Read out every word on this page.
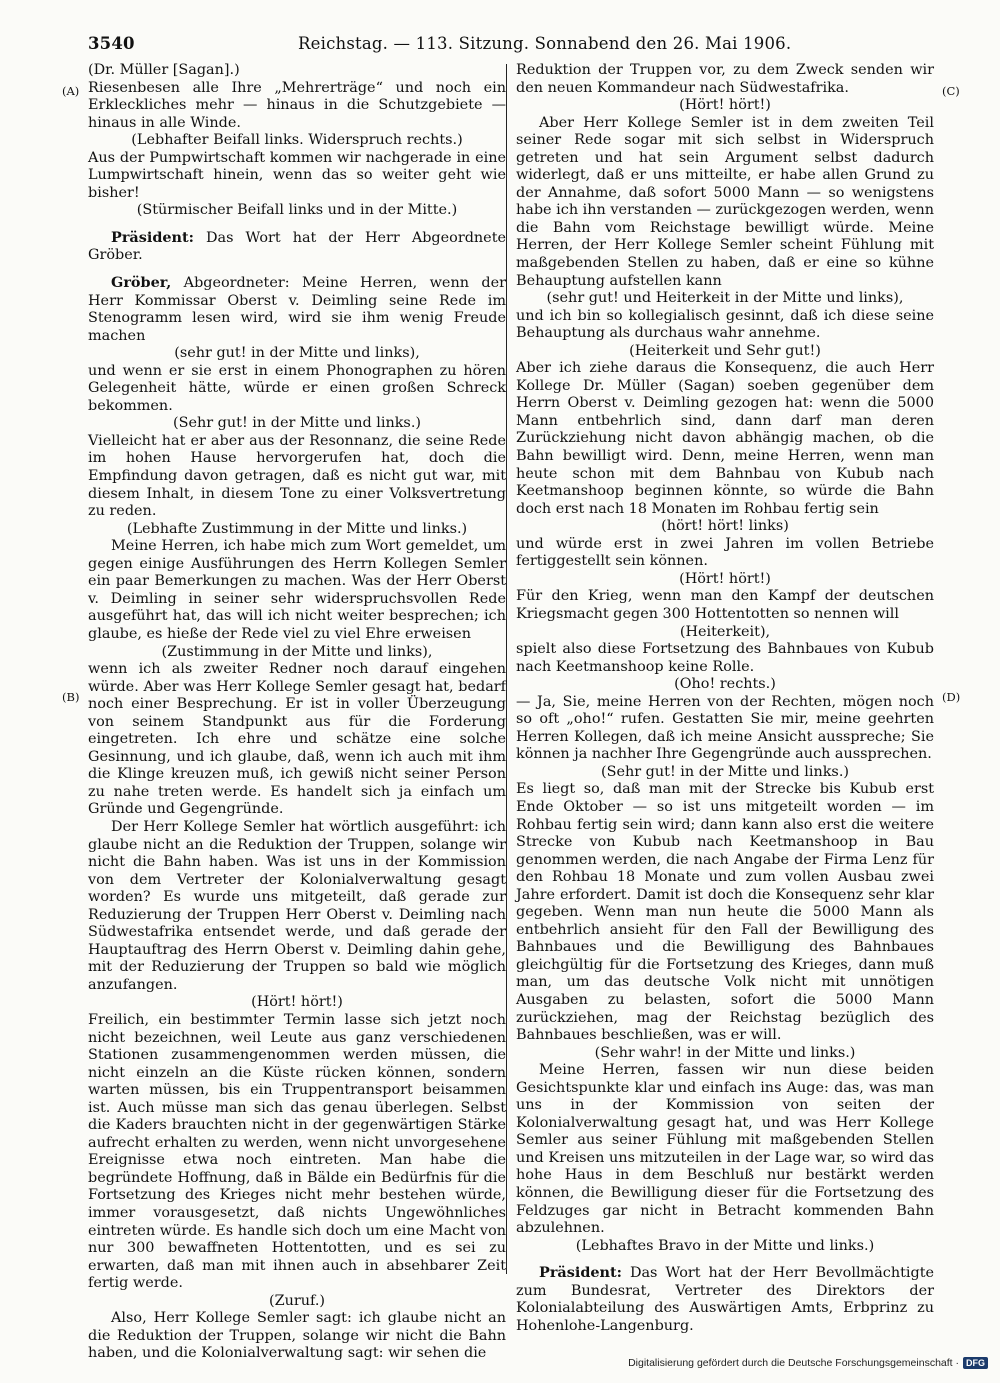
3540	Reichstag. — 113. Sitzung. Sonnabend den 26. Mai 1906.
(A)
(B)
(C)
(D)

(Dr. Müller [Sagan].)

Riesenbesen alle Ihre „Mehrerträge“ und noch ein Erkleckliches mehr — hinaus in die Schutzgebiete — hinaus in alle Winde.

(Lebhafter Beifall links. Widerspruch rechts.)

Aus der Pumpwirtschaft kommen wir nachgerade in eine Lumpwirtschaft hinein, wenn das so weiter geht wie bisher!

(Stürmischer Beifall links und in der Mitte.)

Präsident: Das Wort hat der Herr Abgeordnete Gröber.

Gröber, Abgeordneter: Meine Herren, wenn der Herr Kommissar Oberst v. Deimling seine Rede im Stenogramm lesen wird, wird sie ihm wenig Freude machen

(sehr gut! in der Mitte und links),

und wenn er sie erst in einem Phonographen zu hören Gelegenheit hätte, würde er einen großen Schreck bekommen.

(Sehr gut! in der Mitte und links.)

Vielleicht hat er aber aus der Resonnanz, die seine Rede im hohen Hause hervorgerufen hat, doch die Empfindung davon getragen, daß es nicht gut war, mit diesem Inhalt, in diesem Tone zu einer Volksvertretung zu reden.

(Lebhafte Zustimmung in der Mitte und links.)

Meine Herren, ich habe mich zum Wort gemeldet, um gegen einige Ausführungen des Herrn Kollegen Semler ein paar Bemerkungen zu machen. Was der Herr Oberst v. Deimling in seiner sehr widerspruchsvollen Rede ausgeführt hat, das will ich nicht weiter besprechen; ich glaube, es hieße der Rede viel zu viel Ehre erweisen

(Zustimmung in der Mitte und links),

wenn ich als zweiter Redner noch darauf eingehen würde. Aber was Herr Kollege Semler gesagt hat, bedarf noch einer Besprechung. Er ist in voller Überzeugung von seinem Standpunkt aus für die Forderung eingetreten. Ich ehre und schätze eine solche Gesinnung, und ich glaube, daß, wenn ich auch mit ihm die Klinge kreuzen muß, ich gewiß nicht seiner Person zu nahe treten werde. Es handelt sich ja einfach um Gründe und Gegengründe.

Der Herr Kollege Semler hat wörtlich ausgeführt: ich glaube nicht an die Reduktion der Truppen, solange wir nicht die Bahn haben. Was ist uns in der Kommission von dem Vertreter der Kolonialverwaltung gesagt worden? Es wurde uns mitgeteilt, daß gerade zur Reduzierung der Truppen Herr Oberst v. Deimling nach Südwestafrika entsendet werde, und daß gerade der Hauptauftrag des Herrn Oberst v. Deimling dahin gehe, mit der Reduzierung der Truppen so bald wie möglich anzufangen.

(Hört! hört!)

Freilich, ein bestimmter Termin lasse sich jetzt noch nicht bezeichnen, weil Leute aus ganz verschiedenen Stationen zusammengenommen werden müssen, die nicht einzeln an die Küste rücken können, sondern warten müssen, bis ein Truppentransport beisammen ist. Auch müsse man sich das genau überlegen. Selbst die Kaders brauchten nicht in der gegenwärtigen Stärke aufrecht erhalten zu werden, wenn nicht unvorgesehene Ereignisse etwa noch eintreten. Man habe die begründete Hoffnung, daß in Bälde ein Bedürfnis für die Fortsetzung des Krieges nicht mehr bestehen würde, immer vorausgesetzt, daß nichts Ungewöhnliches eintreten würde. Es handle sich doch um eine Macht von nur 300 bewaffneten Hottentotten, und es sei zu erwarten, daß man mit ihnen auch in absehbarer Zeit fertig werde.

(Zuruf.)

Also, Herr Kollege Semler sagt: ich glaube nicht an die Reduktion der Truppen, solange wir nicht die Bahn haben, und die Kolonialverwaltung sagt: wir sehen die

Reduktion der Truppen vor, zu dem Zweck senden wir den neuen Kommandeur nach Südwestafrika.

(Hört! hört!)

Aber Herr Kollege Semler ist in dem zweiten Teil seiner Rede sogar mit sich selbst in Widerspruch getreten und hat sein Argument selbst dadurch widerlegt, daß er uns mitteilte, er habe allen Grund zu der Annahme, daß sofort 5000 Mann — so wenigstens habe ich ihn verstanden — zurückgezogen werden, wenn die Bahn vom Reichstage bewilligt würde. Meine Herren, der Herr Kollege Semler scheint Fühlung mit maßgebenden Stellen zu haben, daß er eine so kühne Behauptung aufstellen kann

(sehr gut! und Heiterkeit in der Mitte und links),

und ich bin so kollegialisch gesinnt, daß ich diese seine Behauptung als durchaus wahr annehme.

(Heiterkeit und Sehr gut!)

Aber ich ziehe daraus die Konsequenz, die auch Herr Kollege Dr. Müller (Sagan) soeben gegenüber dem Herrn Oberst v. Deimling gezogen hat: wenn die 5000 Mann entbehrlich sind, dann darf man deren Zurückziehung nicht davon abhängig machen, ob die Bahn bewilligt wird. Denn, meine Herren, wenn man heute schon mit dem Bahnbau von Kubub nach Keetmanshoop beginnen könnte, so würde die Bahn doch erst nach 18 Monaten im Rohbau fertig sein

(hört! hört! links)

und würde erst in zwei Jahren im vollen Betriebe fertiggestellt sein können.

(Hört! hört!)

Für den Krieg, wenn man den Kampf der deutschen Kriegsmacht gegen 300 Hottentotten so nennen will

(Heiterkeit),

spielt also diese Fortsetzung des Bahnbaues von Kubub nach Keetmanshoop keine Rolle.

(Oho! rechts.)

— Ja, Sie, meine Herren von der Rechten, mögen noch so oft „oho!“ rufen. Gestatten Sie mir, meine geehrten Herren Kollegen, daß ich meine Ansicht ausspreche; Sie können ja nachher Ihre Gegengründe auch aussprechen.

(Sehr gut! in der Mitte und links.)

Es liegt so, daß man mit der Strecke bis Kubub erst Ende Oktober — so ist uns mitgeteilt worden — im Rohbau fertig sein wird; dann kann also erst die weitere Strecke von Kubub nach Keetmanshoop in Bau genommen werden, die nach Angabe der Firma Lenz für den Rohbau 18 Monate und zum vollen Ausbau zwei Jahre erfordert. Damit ist doch die Konsequenz sehr klar gegeben. Wenn man nun heute die 5000 Mann als entbehrlich ansieht für den Fall der Bewilligung des Bahnbaues und die Bewilligung des Bahnbaues gleichgültig für die Fortsetzung des Krieges, dann muß man, um das deutsche Volk nicht mit unnötigen Ausgaben zu belasten, sofort die 5000 Mann zurückziehen, mag der Reichstag bezüglich des Bahnbaues beschließen, was er will.

(Sehr wahr! in der Mitte und links.)

Meine Herren, fassen wir nun diese beiden Gesichtspunkte klar und einfach ins Auge: das, was man uns in der Kommission von seiten der Kolonialverwaltung gesagt hat, und was Herr Kollege Semler aus seiner Fühlung mit maßgebenden Stellen und Kreisen uns mitzuteilen in der Lage war, so wird das hohe Haus in dem Beschluß nur bestärkt werden können, die Bewilligung dieser für die Fortsetzung des Feldzuges gar nicht in Betracht kommenden Bahn abzulehnen.

(Lebhaftes Bravo in der Mitte und links.)

Präsident: Das Wort hat der Herr Bevollmächtigte zum Bundesrat, Vertreter des Direktors der Kolonialabteilung des Auswärtigen Amts, Erbprinz zu Hohenlohe-Langenburg.

Digitalisierung gefördert durch die Deutsche Forschungsgemeinschaft · DFG
